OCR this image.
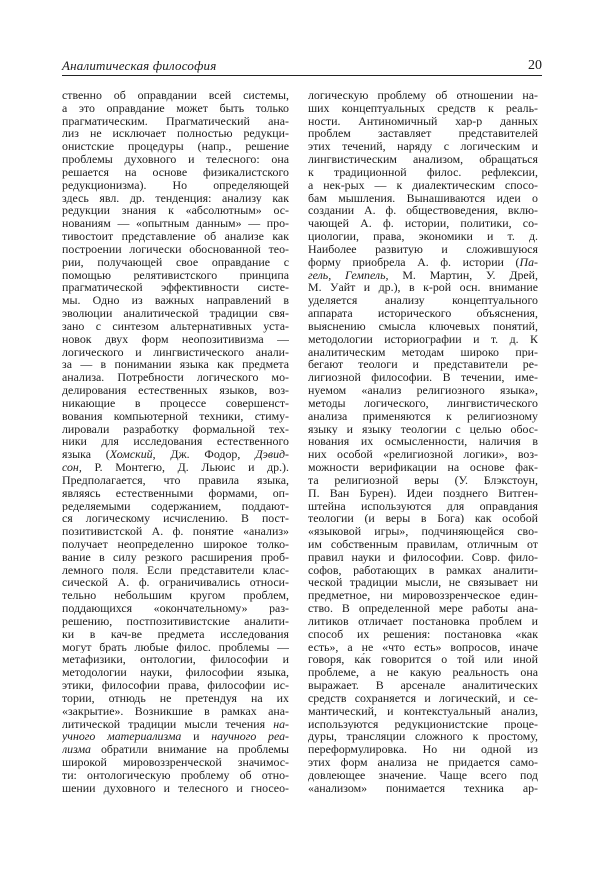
Аналитическая философия	20
ственно об оправдании всей системы,
а это оправдание может быть только
прагматическим. Прагматический ана-
лиз не исключает полностью редукци-
онистские процедуры (напр., решение
проблемы духовного и телесного: она
решается на основе физикалистского
редукционизма). Но определяющей
здесь явл. др. тенденция: анализу как
редукции знания к «абсолютным» ос-
нованиям — «опытным данным» — про-
тивостоит представление об анализе как
построении логически обоснованной тео-
рии, получающей свое оправдание с
помощью релятивистского принципа
прагматической эффективности систе-
мы. Одно из важных направлений в
эволюции аналитической традиции свя-
зано с синтезом альтернативных уста-
новок двух форм неопозитивизма —
логического и лингвистического анали-
за — в понимании языка как предмета
анализа. Потребности логического мо-
делирования естественных языков, воз-
никающие в процессе совершенст-
вования компьютерной техники, стиму-
лировали разработку формальной тех-
ники для исследования естественного
языка (Хомский, Дж. Фодор, Дэвид-
сон, Р. Монтегю, Д. Льюис и др.).
Предполагается, что правила языка,
являясь естественными формами, оп-
ределяемыми содержанием, поддают-
ся логическому исчислению. В пост-
позитивистской А. ф. понятие «анализ»
получает неопределенно широкое толко-
вание в силу резкого расширения проб-
лемного поля. Если представители клас-
сической А. ф. ограничивались относи-
тельно небольшим кругом проблем,
поддающихся «окончательному» раз-
решению, постпозитивистские аналити-
ки в кач-ве предмета исследования
могут брать любые филос. проблемы —
метафизики, онтологии, философии и
методологии науки, философии языка,
этики, философии права, философии ис-
тории, отнюдь не претендуя на их
«закрытие». Возникшие в рамках ана-
литической традиции мысли течения на-
учного материализма и научного реа-
лизма обратили внимание на проблемы
широкой мировоззренческой значимос-
ти: онтологическую проблему об отно-
шении духовного и телесного и гносео-
логическую проблему об отношении на-
ших концептуальных средств к реаль-
ности. Антиномичный хар-р данных
проблем заставляет представителей
этих течений, наряду с логическим и
лингвистическим анализом, обращаться
к традиционной филос. рефлексии,
а нек-рых — к диалектическим спосо-
бам мышления. Вынашиваются идеи о
создании А. ф. обществоведения, вклю-
чающей А. ф. истории, политики, со-
циологии, права, экономики и т. д.
Наиболее развитую и сложившуюся
форму приобрела А. ф. истории (Па-
гель, Гемпель, М. Мартин, У. Дрей,
М. Уайт и др.), в к-рой осн. внимание
уделяется анализу концептуального
аппарата исторического объяснения,
выяснению смысла ключевых понятий,
методологии историографии и т. д. К
аналитическим методам широко при-
бегают теологи и представители ре-
лигиозной философии. В течении, име-
нуемом «анализ религиозного языка»,
методы логического, лингвистического
анализа применяются к религиозному
языку и языку теологии с целью обос-
нования их осмысленности, наличия в
них особой «религиозной логики», воз-
можности верификации на основе фак-
та религиозной веры (У. Блэкстоун,
П. Ван Бурен). Идеи позднего Витген-
штейна используются для оправдания
теологии (и веры в Бога) как особой
«языковой игры», подчиняющейся сво-
им собственным правилам, отличным от
правил науки и философии. Совр. фило-
софов, работающих в рамках аналити-
ческой традиции мысли, не связывает ни
предметное, ни мировоззренческое един-
ство. В определенной мере работы ана-
литиков отличает постановка проблем и
способ их решения: постановка «как
есть», а не «что есть» вопросов, иначе
говоря, ка́к говорится о той или иной
проблеме, а не какую реальность она
выражает. В арсенале аналитических
средств сохраняется и логический, и се-
мантический, и контекстуальный анализ,
используются редукционистские проце-
дуры, трансляции сложного к простому,
переформулировка. Но ни одной из
этих форм анализа не придается само-
довлеющее значение. Чаще всего под
«анализом» понимается техника ар-
